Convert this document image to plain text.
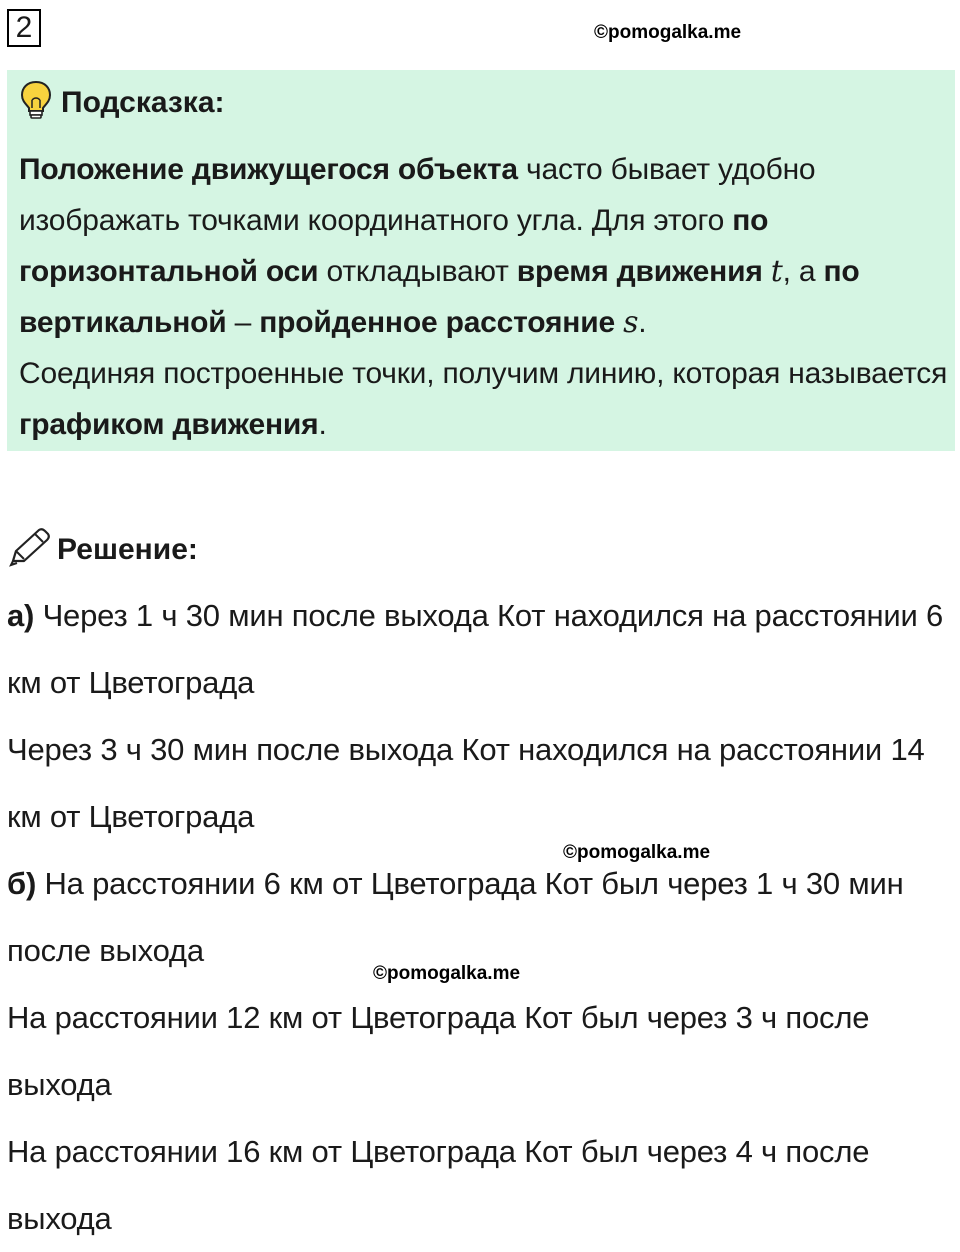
2	©pomogalka.me
Подсказка:
Положение движущегося объекта часто бывает удобно изображать точками координатного угла. Для этого по горизонтальной оси откладывают время движения t, а по вертикальной – пройденное расстояние s.
Соединяя построенные точки, получим линию, которая называется графиком движения.
Решение:

а) Через 1 ч 30 мин после выхода Кот находился на расстоянии 6 км от Цветограда

Через 3 ч 30 мин после выхода Кот находился на расстоянии 14 км от Цветограда

б) На расстоянии 6 км от Цветограда Кот был через 1 ч 30 мин после выхода

На расстоянии 12 км от Цветограда Кот был через 3 ч после выхода

На расстоянии 16 км от Цветограда Кот был через 4 ч после выхода

©pomogalka.me
©pomogalka.me
